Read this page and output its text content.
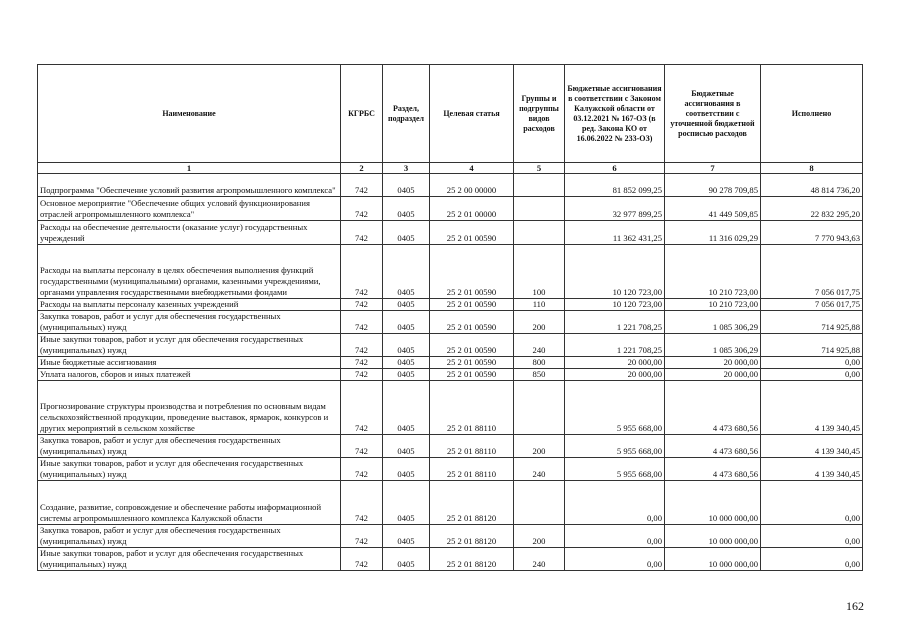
Наименование	КГРБС	Раздел, подраздел	Целевая статья	Группы и подгруппы видов расходов	Бюджетные ассигнования в соответствии с Законом Калужской области от 03.12.2021 № 167-ОЗ (в ред. Закона КО от 16.06.2022 № 233-ОЗ)	Бюджетные ассигнования в соответствии с уточненной бюджетной росписью расходов	Исполнено
1	2	3	4	5	6	7	8
Подпрограмма "Обеспечение условий развития агропромышленного комплекса"	742	0405	25 2 00 00000		81 852 099,25	90 278 709,85	48 814 736,20
Основное мероприятие "Обеспечение общих условий функционирования отраслей агропромышленного комплекса"	742	0405	25 2 01 00000		32 977 899,25	41 449 509,85	22 832 295,20
Расходы на обеспечение деятельности (оказание услуг) государственных учреждений	742	0405	25 2 01 00590		11 362 431,25	11 316 029,29	7 770 943,63
Расходы на выплаты персоналу в целях обеспечения выполнения функций государственными (муниципальными) органами, казенными учреждениями, органами управления государственными внебюджетными фондами	742	0405	25 2 01 00590	100	10 120 723,00	10 210 723,00	7 056 017,75
Расходы на выплаты персоналу казенных учреждений	742	0405	25 2 01 00590	110	10 120 723,00	10 210 723,00	7 056 017,75
Закупка товаров, работ и услуг для обеспечения государственных (муниципальных) нужд	742	0405	25 2 01 00590	200	1 221 708,25	1 085 306,29	714 925,88
Иные закупки товаров, работ и услуг для обеспечения государственных (муниципальных) нужд	742	0405	25 2 01 00590	240	1 221 708,25	1 085 306,29	714 925,88
Иные бюджетные ассигнования	742	0405	25 2 01 00590	800	20 000,00	20 000,00	0,00
Уплата налогов, сборов и иных платежей	742	0405	25 2 01 00590	850	20 000,00	20 000,00	0,00
Прогнозирование структуры производства и потребления по основным видам сельскохозяйственной продукции, проведение выставок, ярмарок, конкурсов и других мероприятий в сельском хозяйстве	742	0405	25 2 01 88110		5 955 668,00	4 473 680,56	4 139 340,45
Закупка товаров, работ и услуг для обеспечения государственных (муниципальных) нужд	742	0405	25 2 01 88110	200	5 955 668,00	4 473 680,56	4 139 340,45
Иные закупки товаров, работ и услуг для обеспечения государственных (муниципальных) нужд	742	0405	25 2 01 88110	240	5 955 668,00	4 473 680,56	4 139 340,45
Создание, развитие, сопровождение и обеспечение работы информационной системы агропромышленного комплекса Калужской области	742	0405	25 2 01 88120		0,00	10 000 000,00	0,00
Закупка товаров, работ и услуг для обеспечения государственных (муниципальных) нужд	742	0405	25 2 01 88120	200	0,00	10 000 000,00	0,00
Иные закупки товаров, работ и услуг для обеспечения государственных (муниципальных) нужд	742	0405	25 2 01 88120	240	0,00	10 000 000,00	0,00
162
